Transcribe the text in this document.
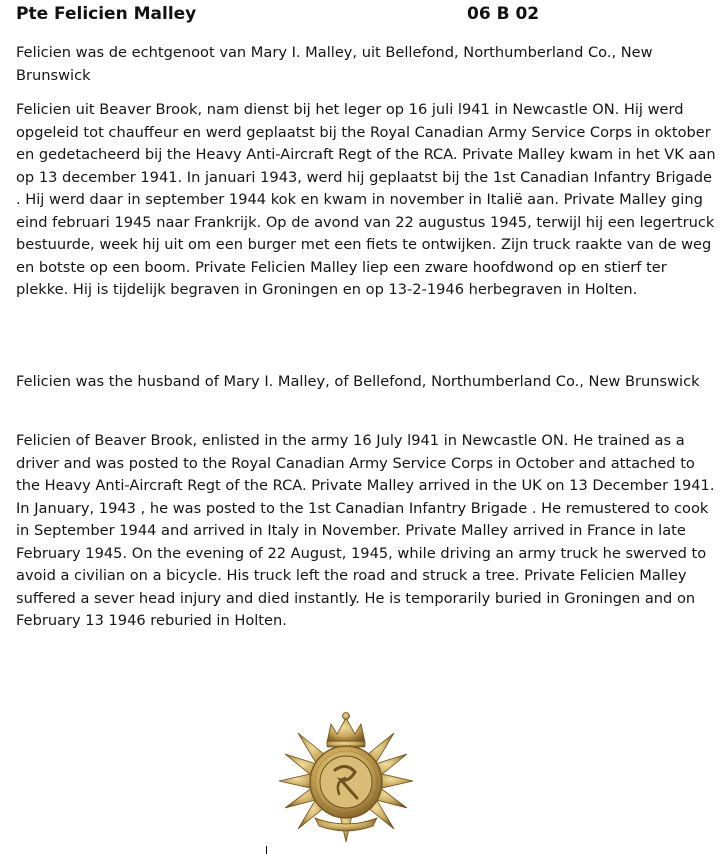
Pte Felicien Malley	06 B 02

Felicien was de echtgenoot van Mary I. Malley, uit Bellefond, Northumberland Co., New Brunswick

Felicien uit Beaver Brook, nam dienst bij het leger op 16 juli l941 in Newcastle ON. Hij werd opgeleid tot chauffeur en werd geplaatst bij the Royal Canadian Army Service Corps in oktober en gedetacheerd bij the Heavy Anti-Aircraft Regt of the RCA. Private Malley kwam in het VK aan op 13 december 1941. In januari 1943, werd hij geplaatst bij the 1st Canadian Infantry Brigade . Hij werd daar in september 1944 kok en kwam in november in Italië aan. Private Malley ging eind februari 1945 naar Frankrijk. Op de avond van 22 augustus 1945, terwijl hij een legertruck bestuurde, week hij uit om een burger met een fiets te ontwijken. Zijn truck raakte van de weg en botste op een boom. Private Felicien Malley liep een zware hoofdwond op en stierf ter plekke. Hij is tijdelijk begraven in Groningen en op 13-2-1946 herbegraven in Holten.

Felicien was the husband of Mary I. Malley, of Bellefond, Northumberland Co., New Brunswick

Felicien of Beaver Brook, enlisted in the army 16 July l941 in Newcastle ON. He trained as a driver and was posted to the Royal Canadian Army Service Corps in October and attached to the Heavy Anti-Aircraft Regt of the RCA. Private Malley arrived in the UK on 13 December 1941. In January, 1943 , he was posted to the 1st Canadian Infantry Brigade . He remustered to cook in September 1944 and arrived in Italy in November. Private Malley arrived in France in late February 1945. On the evening of 22 August, 1945, while driving an army truck he swerved to avoid a civilian on a bicycle. His truck left the road and struck a tree. Private Felicien Malley suffered a sever head injury and died instantly. He is temporarily buried in Groningen and on February 13 1946 reburied in Holten.
